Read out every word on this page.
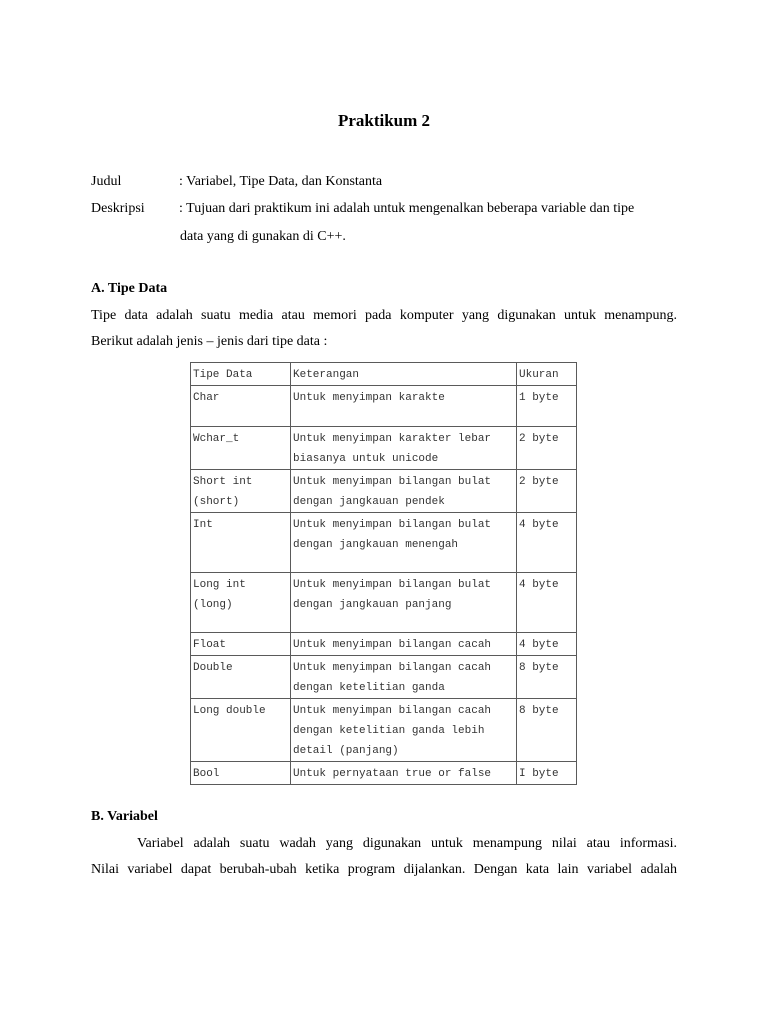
Praktikum 2
Judul	: Variabel, Tipe Data, dan Konstanta
Deskripsi : Tujuan dari praktikum ini adalah untuk mengenalkan beberapa variable dan tipe
data yang di gunakan di C++.
A. Tipe Data
Tipe data adalah suatu media atau memori pada komputer yang digunakan untuk menampung.
Berikut adalah jenis – jenis dari tipe data :
Tipe Data	Keterangan	Ukuran
Char	Untuk menyimpan karakte	1 byte
Wchar_t	Untuk menyimpan karakter lebar biasanya untuk unicode	2 byte
Short int (short)	Untuk menyimpan bilangan bulat dengan jangkauan pendek	2 byte
Int	Untuk menyimpan bilangan bulat dengan jangkauan menengah	4 byte
Long int (long)	Untuk menyimpan bilangan bulat dengan jangkauan panjang	4 byte
Float	Untuk menyimpan bilangan cacah	4 byte
Double	Untuk menyimpan bilangan cacah dengan ketelitian ganda	8 byte
Long double	Untuk menyimpan bilangan cacah dengan ketelitian ganda lebih detail (panjang)	8 byte
Bool	Untuk pernyataan true or false	I byte
B. Variabel
Variabel adalah suatu wadah yang digunakan untuk menampung nilai atau informasi.
Nilai variabel dapat berubah-ubah ketika program dijalankan. Dengan kata lain variabel adalah
